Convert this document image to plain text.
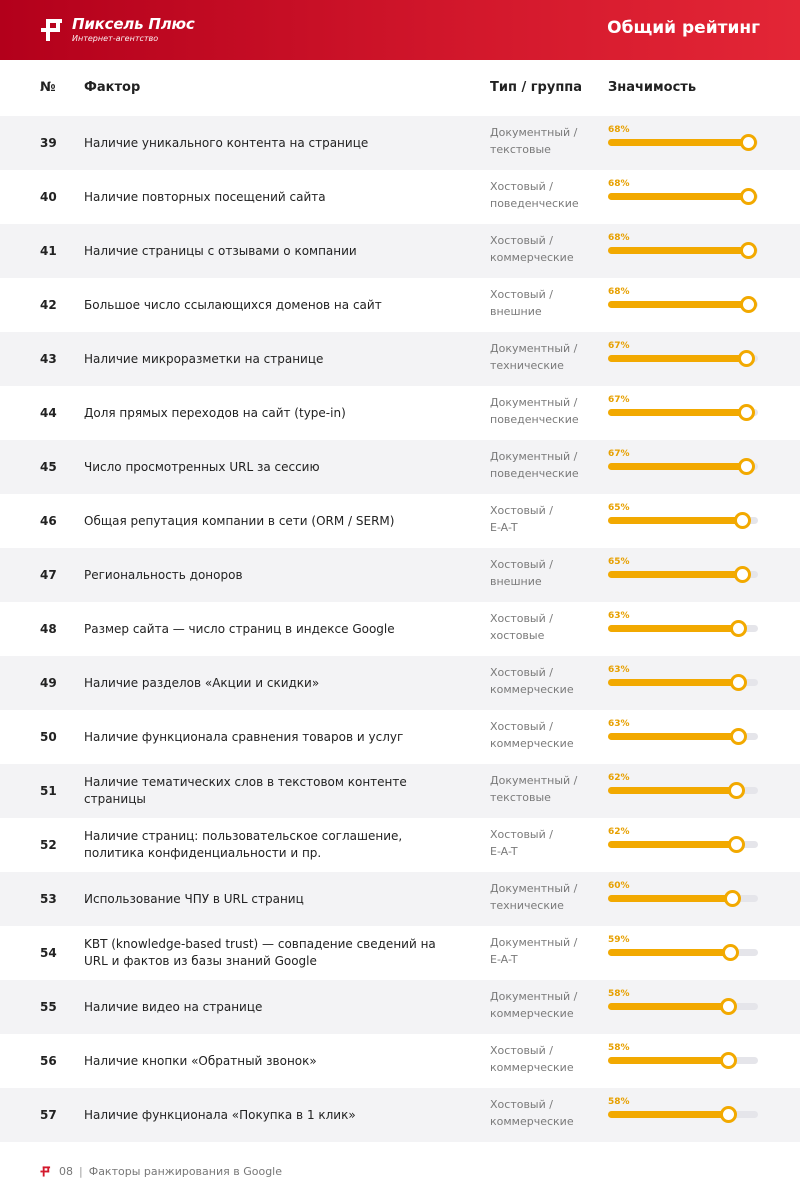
Пиксель Плюс
Интернет-агентство
Общий рейтинг
№ Фактор	Тип / группа Значимость
39 Наличие уникального контента на странице
Документный /
текстовые
68%
40 Наличие повторных посещений сайта
Хостовый /
поведенческие
68%
41 Наличие страницы с отзывами о компании
Хостовый /
коммерческие
68%
42 Большое число ссылающихся доменов на сайт
Хостовый /
внешние
68%
43 Наличие микроразметки на странице
Документный /
технические
67%
44 Доля прямых переходов на сайт (type-in)
Документный /
поведенческие
67%
45 Число просмотренных URL за сессию
Документный /
поведенческие
67%
46 Общая репутация компании в сети (ORM / SERM)
Хостовый /
E-A-T
65%
47 Региональность доноров
Хостовый /
внешние
65%
48 Размер сайта — число страниц в индексе Google
Хостовый /
хостовые
63%
49 Наличие разделов «Акции и скидки»
Хостовый /
коммерческие
63%
50 Наличие функционала сравнения товаров и услуг
Хостовый /
коммерческие
63%
51
Наличие тематических слов в текстовом контенте страницы
Документный /
текстовые
62%
52
Наличие страниц: пользовательское соглашение, политика конфиденциальности и пр.
Хостовый /
E-A-T
62%
53 Использование ЧПУ в URL страниц
Документный /
технические
60%
54
KBT (knowledge-based trust) — совпадение сведений на URL и фактов из базы знаний Google
Документный /
E-A-T
59%
55 Наличие видео на странице
Документный /
коммерческие
58%
56 Наличие кнопки «Обратный звонок»
Хостовый /
коммерческие
58%
57 Наличие функционала «Покупка в 1 клик»
Хостовый /
коммерческие
58%
08 | Факторы ранжирования в Google
